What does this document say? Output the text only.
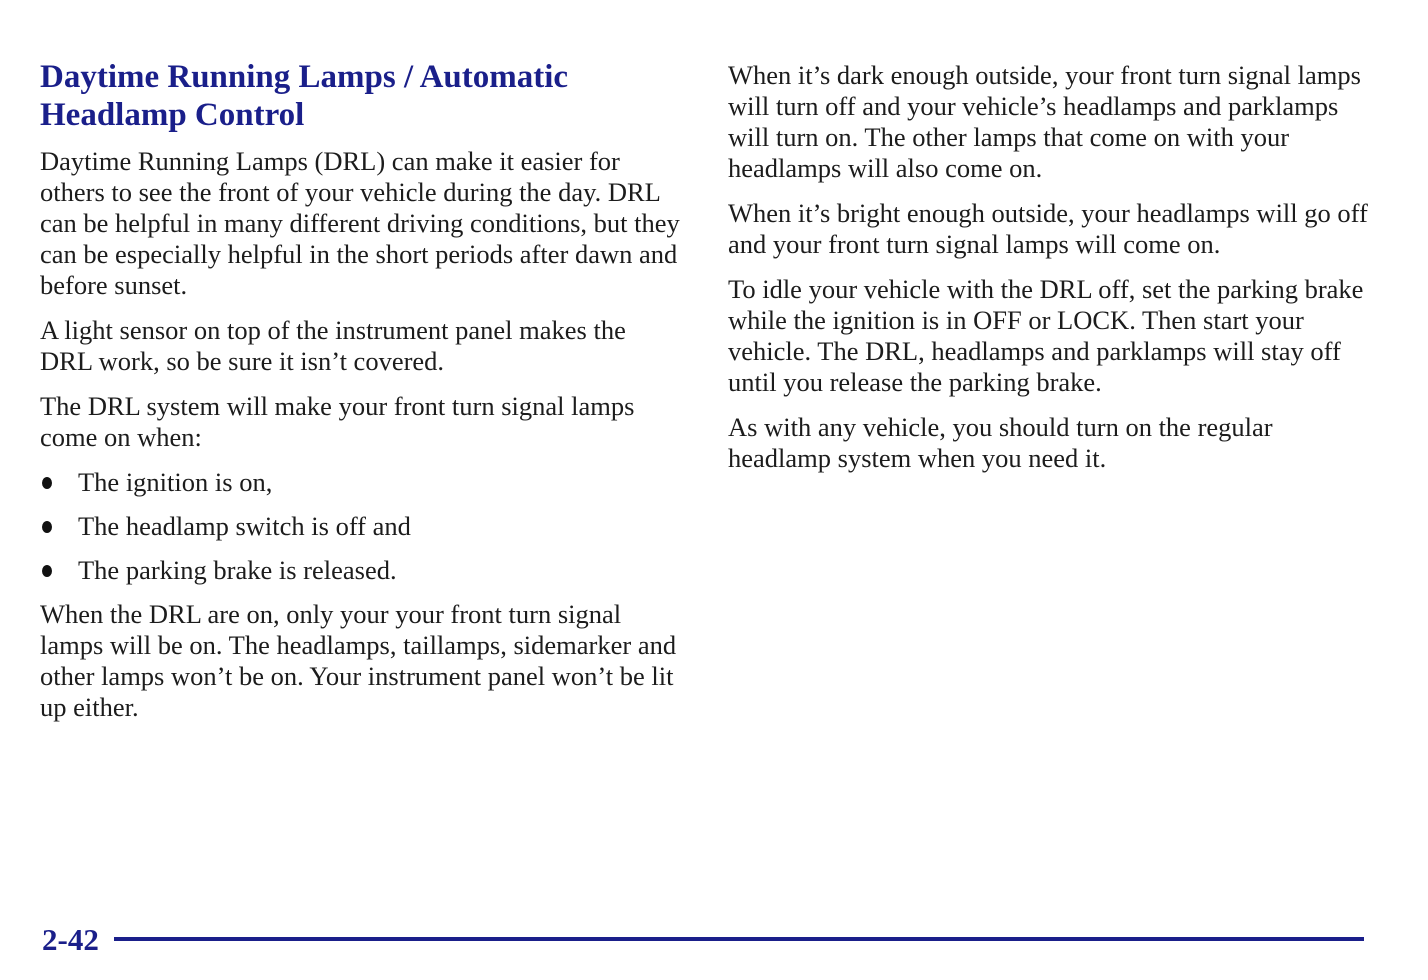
Daytime Running Lamps / Automatic
Headlamp Control

Daytime Running Lamps (DRL) can make it easier for others to see the front of your vehicle during the day. DRL can be helpful in many different driving conditions, but they can be especially helpful in the short periods after dawn and before sunset.

A light sensor on top of the instrument panel makes the DRL work, so be sure it isn’t covered.

The DRL system will make your front turn signal lamps come on when:

The ignition is on,
The headlamp switch is off and
The parking brake is released.

When the DRL are on, only your your front turn signal lamps will be on. The headlamps, taillamps, sidemarker and other lamps won’t be on. Your instrument panel won’t be lit up either.

When it’s dark enough outside, your front turn signal lamps will turn off and your vehicle’s headlamps and parklamps will turn on. The other lamps that come on with your headlamps will also come on.

When it’s bright enough outside, your headlamps will go off and your front turn signal lamps will come on.

To idle your vehicle with the DRL off, set the parking brake while the ignition is in OFF or LOCK. Then start your vehicle. The DRL, headlamps and parklamps will stay off until you release the parking brake.

As with any vehicle, you should turn on the regular headlamp system when you need it.

2-42
